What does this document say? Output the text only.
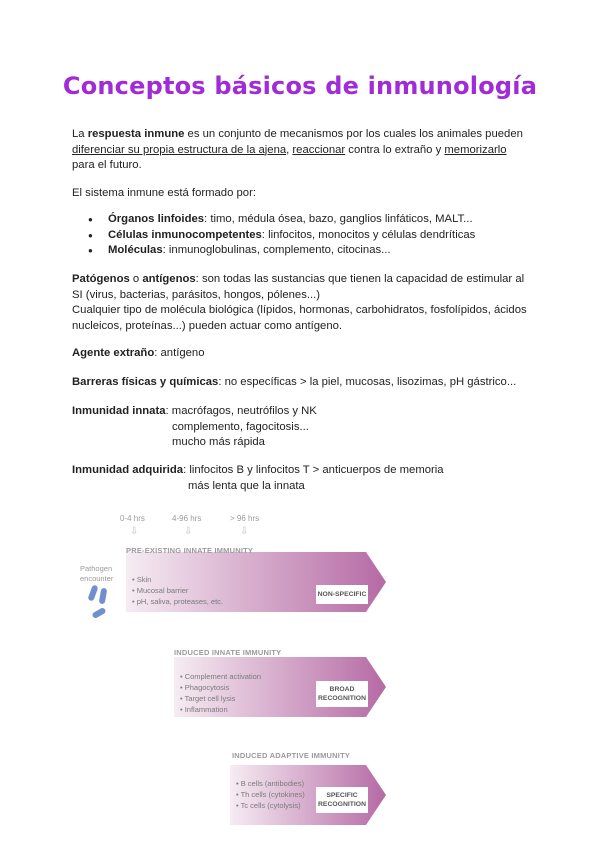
Conceptos básicos de inmunología
La respuesta inmune es un conjunto de mecanismos por los cuales los animales pueden diferenciar su propia estructura de la ajena, reaccionar contra lo extraño y memorizarlo para el futuro.
El sistema inmune está formado por:
● Órganos linfoides: timo, médula ósea, bazo, ganglios linfáticos, MALT...
● Células inmunocompetentes: linfocitos, monocitos y células dendríticas
● Moléculas: inmunoglobulinas, complemento, citocinas...
Patógenos o antígenos: son todas las sustancias que tienen la capacidad de estimular al SI (virus, bacterias, parásitos, hongos, pólenes...)
Cualquier tipo de molécula biológica (lípidos, hormonas, carbohidratos, fosfolípidos, ácidos nucleicos, proteínas...) pueden actuar como antígeno.
Agente extraño: antígeno
Barreras físicas y químicas: no específicas > la piel, mucosas, lisozimas, pH gástrico...
Inmunidad innata: macrófagos, neutrófilos y NK
complemento, fagocitosis...
mucho más rápida
Inmunidad adquirida: linfocitos B y linfocitos T > anticuerpos de memoria
más lenta que la innata
0-4 hrs	4-96 hrs	> 96 hrs
⇩	⇩	⇩
Pathogen
encounter
PRE-EXISTING INNATE IMMUNITY
• Skin
• Mucosal barrier
• pH, saliva, proteases, etc.
NON-SPECIFIC
INDUCED INNATE IMMUNITY
• Complement activation
• Phagocytosis
• Target cell lysis
• Inflammation
BROAD
RECOGNITION
INDUCED ADAPTIVE IMMUNITY
• B cells (antibodies)
• Th cells (cytokines)
• Tc cells (cytolysis)
SPECIFIC
RECOGNITION
